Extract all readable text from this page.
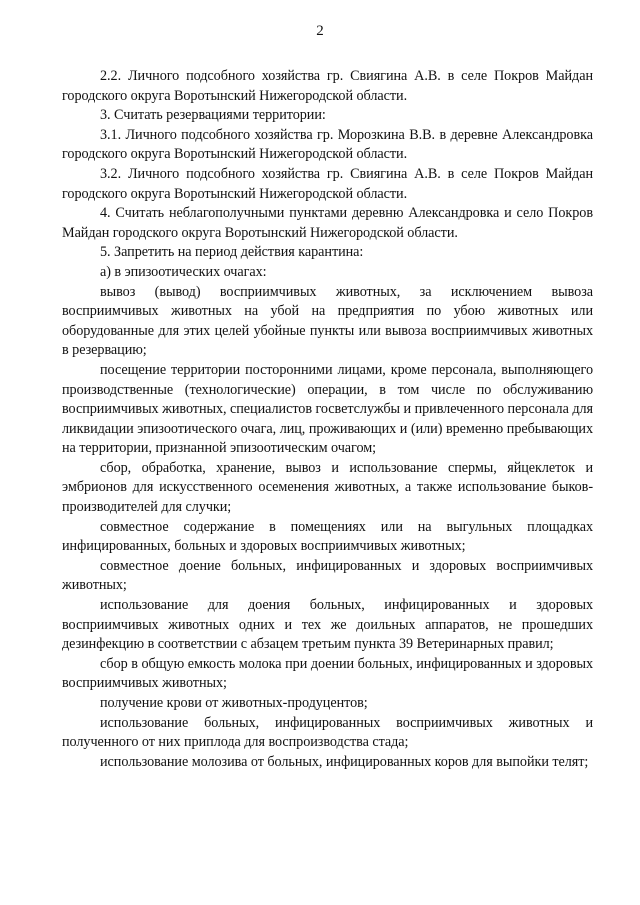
2

2.2. Личного подсобного хозяйства гр. Свиягина А.В. в селе Покров Майдан городского округа Воротынский Нижегородской области.

3. Считать резервациями территории:

3.1. Личного подсобного хозяйства гр. Морозкина В.В. в деревне Александровка городского округа Воротынский Нижегородской области.

3.2. Личного подсобного хозяйства гр. Свиягина А.В. в селе Покров Майдан городского округа Воротынский Нижегородской области.

4. Считать неблагополучными пунктами деревню Александровка и село Покров Майдан городского округа Воротынский Нижегородской области.

5. Запретить на период действия карантина:

а) в эпизоотических очагах:

вывоз (вывод) восприимчивых животных, за исключением вывоза восприимчивых животных на убой на предприятия по убою животных или оборудованные для этих целей убойные пункты или вывоза восприимчивых животных в резервацию;

посещение территории посторонними лицами, кроме персонала, выполняющего производственные (технологические) операции, в том числе по обслуживанию восприимчивых животных, специалистов госветслужбы и привлеченного персонала для ликвидации эпизоотического очага, лиц, проживающих и (или) временно пребывающих на территории, признанной эпизоотическим очагом;

сбор, обработка, хранение, вывоз и использование спермы, яйцеклеток и эмбрионов для искусственного осеменения животных, а также использование быков-производителей для случки;

совместное содержание в помещениях или на выгульных площадках инфицированных, больных и здоровых восприимчивых животных;

совместное доение больных, инфицированных и здоровых восприимчивых животных;

использование для доения больных, инфицированных и здоровых восприимчивых животных одних и тех же доильных аппаратов, не прошедших дезинфекцию в соответствии с абзацем третьим пункта 39 Ветеринарных правил;

сбор в общую емкость молока при доении больных, инфицированных и здоровых восприимчивых животных;

получение крови от животных-продуцентов;

использование больных, инфицированных восприимчивых животных и полученного от них приплода для воспроизводства стада;

использование молозива от больных, инфицированных коров для выпойки телят;
